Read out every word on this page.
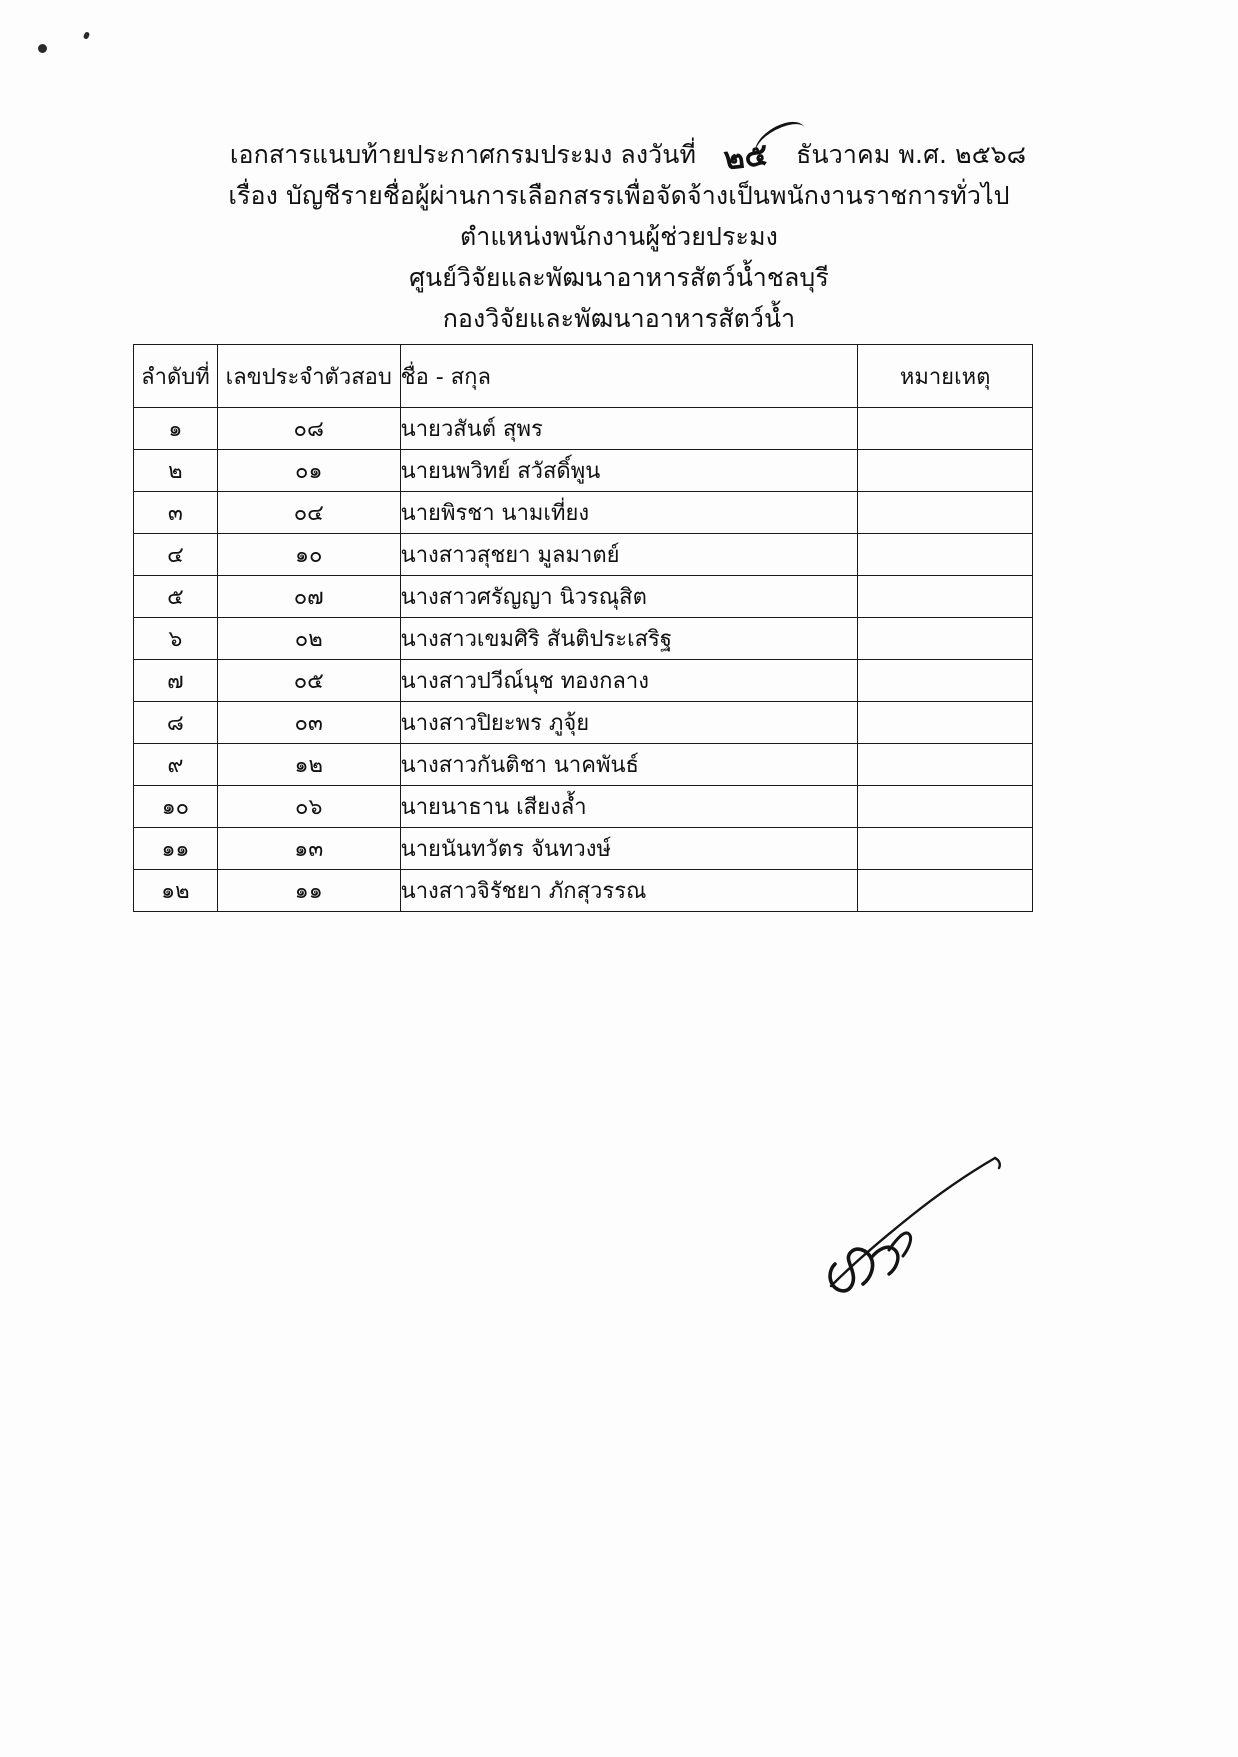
เอกสารแนบท้ายประกาศกรมประมง ลงวันที่ ๒๕ ธันวาคม พ.ศ. ๒๕๖๘
เรื่อง บัญชีรายชื่อผู้ผ่านการเลือกสรรเพื่อจัดจ้างเป็นพนักงานราชการทั่วไป
ตำแหน่งพนักงานผู้ช่วยประมง
ศูนย์วิจัยและพัฒนาอาหารสัตว์น้ำชลบุรี
กองวิจัยและพัฒนาอาหารสัตว์น้ำ
ลำดับที่	เลขประจำตัวสอบ	ชื่อ - สกุล	หมายเหตุ
๑	๐๘	นายวสันต์ สุพร	
๒	๐๑	นายนพวิทย์ สวัสดิ์พูน	
๓	๐๔	นายพิรชา นามเที่ยง	
๔	๑๐	นางสาวสุชยา มูลมาตย์	
๕	๐๗	นางสาวศรัญญา นิวรณุสิต	
๖	๐๒	นางสาวเขมศิริ สันติประเสริฐ	
๗	๐๕	นางสาวปวีณ์นุช ทองกลาง	
๘	๐๓	นางสาวปิยะพร ภูจุ้ย	
๙	๑๒	นางสาวกันติชา นาคพันธ์	
๑๐	๐๖	นายนาธาน เสียงล้ำ	
๑๑	๑๓	นายนันทวัตร จันทวงษ์	
๑๒	๑๑	นางสาวจิรัชยา ภักสุวรรณ	
